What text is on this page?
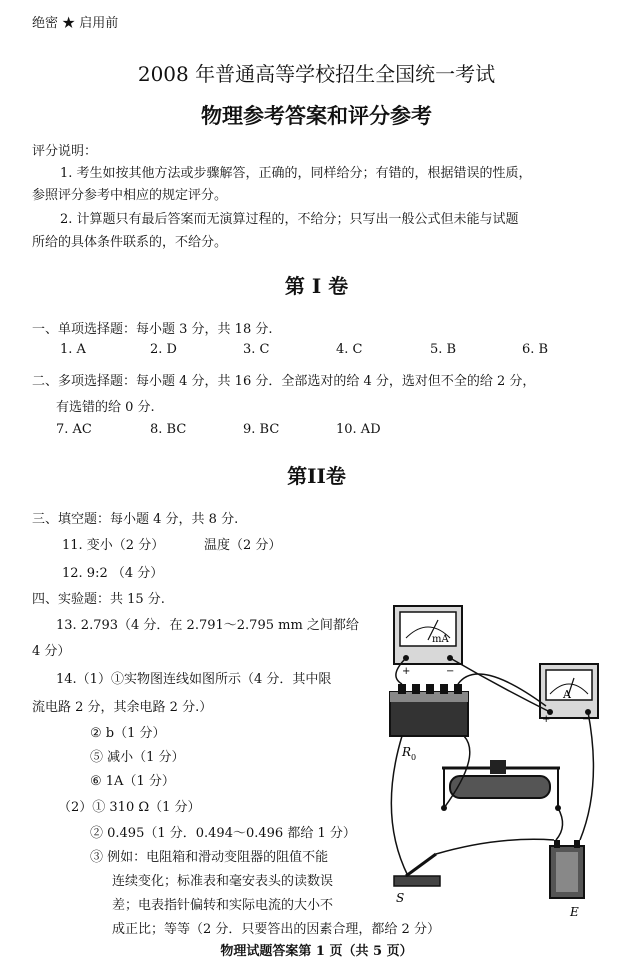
绝密 ★ 启用前
2008 年普通高等学校招生全国统一考试
物理参考答案和评分参考
评分说明：
1. 考生如按其他方法或步骤解答，正确的，同样给分；有错的，根据错误的性质，
参照评分参考中相应的规定评分。
2. 计算题只有最后答案而无演算过程的，不给分；只写出一般公式但未能与试题
所给的具体条件联系的，不给分。
第 I 卷
一、单项选择题：每小题 3 分，共 18 分.
1. A	2. D	3. C	4. C	5. B	6. B
二、多项选择题：每小题 4 分，共 16 分．全部选对的给 4 分，选对但不全的给 2 分，
有选错的给 0 分.
7. AC	8. BC	9. BC	10. AD
第II卷
三、填空题：每小题 4 分，共 8 分.
11. 变小（2 分）	温度（2 分）
12. 9:2 （4 分）
四、实验题：共 15 分.
13. 2.793（4 分．在 2.791～2.795 mm 之间都给
4 分）
14.（1）①实物图连线如图所示（4 分．其中限
流电路 2 分，其余电路 2 分.）
② b（1 分）
⑤ 减小（1 分）
⑥ 1A（1 分）
（2）① 310 Ω（1 分）
② 0.495（1 分．0.494～0.496 都给 1 分）
③ 例如：电阻箱和滑动变阻器的阻值不能
连续变化；标准表和毫安表头的读数误
差；电表指针偏转和实际电流的大小不
成正比；等等（2 分．只要答出的因素合理，都给 2 分）
mA
+	−
A
+	−
R 0
S
E
物理试题答案第 1 页（共 5 页）
